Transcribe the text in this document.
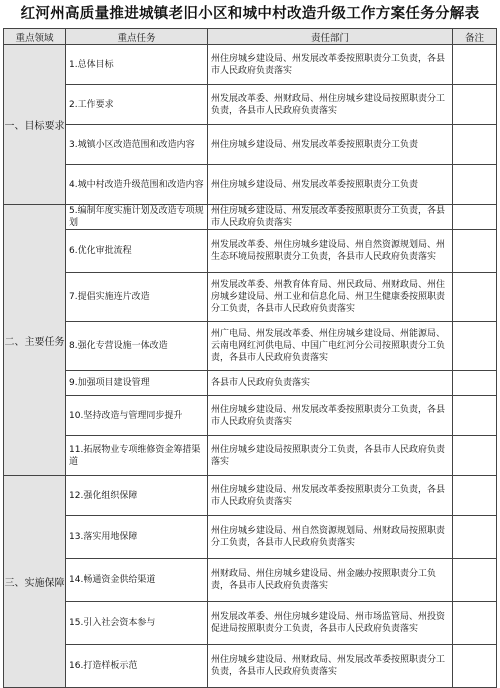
红河州高质量推进城镇老旧小区和城中村改造升级工作方案任务分解表
重点领域	重点任务	责任部门	备注
一、目标要求	1.总体目标	州住房城乡建设局、州发展改革委按照职责分工负责，各县市人民政府负责落实	
	2.工作要求	州发展改革委、州财政局、州住房城乡建设局按照职责分工负责，各县市人民政府负责落实	
	3.城镇小区改造范围和改造内容	州住房城乡建设局、州发展改革委按照职责分工负责	
	4.城中村改造升级范围和改造内容	州住房城乡建设局、州发展改革委按照职责分工负责	
二、主要任务	5.编制年度实施计划及改造专项规划	州住房城乡建设局、州发展改革委按照职责分工负责，各县市人民政府负责落实	
	6.优化审批流程	州发展改革委、州住房城乡建设局、州自然资源规划局、州生态环境局按照职责分工负责，各县市人民政府负责落实	
	7.提倡实施连片改造	州发展改革委、州教育体育局、州民政局、州财政局、州住房城乡建设局、州工业和信息化局、州卫生健康委按照职责分工负责，各县市人民政府负责落实	
	8.强化专营设施一体改造	州广电局、州发展改革委、州住房城乡建设局、州能源局、云南电网红河供电局、中国广电红河分公司按照职责分工负责，各县市人民政府负责落实	
	9.加强项目建设管理	各县市人民政府负责落实	
	10.坚持改造与管理同步提升	州住房城乡建设局、州发展改革委按照职责分工负责，各县市人民政府负责落实	
	11.拓展物业专项维修资金筹措渠道	州住房城乡建设局按照职责分工负责，各县市人民政府负责落实	
三、实施保障	12.强化组织保障	州住房城乡建设局、州发展改革委按照职责分工负责，各县市人民政府负责落实	
	13.落实用地保障	州住房城乡建设局、州自然资源规划局、州财政局按照职责分工负责，各县市人民政府负责落实	
	14.畅通资金供给渠道	州财政局、州住房城乡建设局、州金融办按照职责分工负责，各县市人民政府负责落实	
	15.引入社会资本参与	州发展改革委、州住房城乡建设局、州市场监管局、州投资促进局按照职责分工负责，各县市人民政府负责落实	
	16.打造样板示范	州住房城乡建设局、州财政局、州发展改革委按照职责分工负责，各县市人民政府负责落实	
